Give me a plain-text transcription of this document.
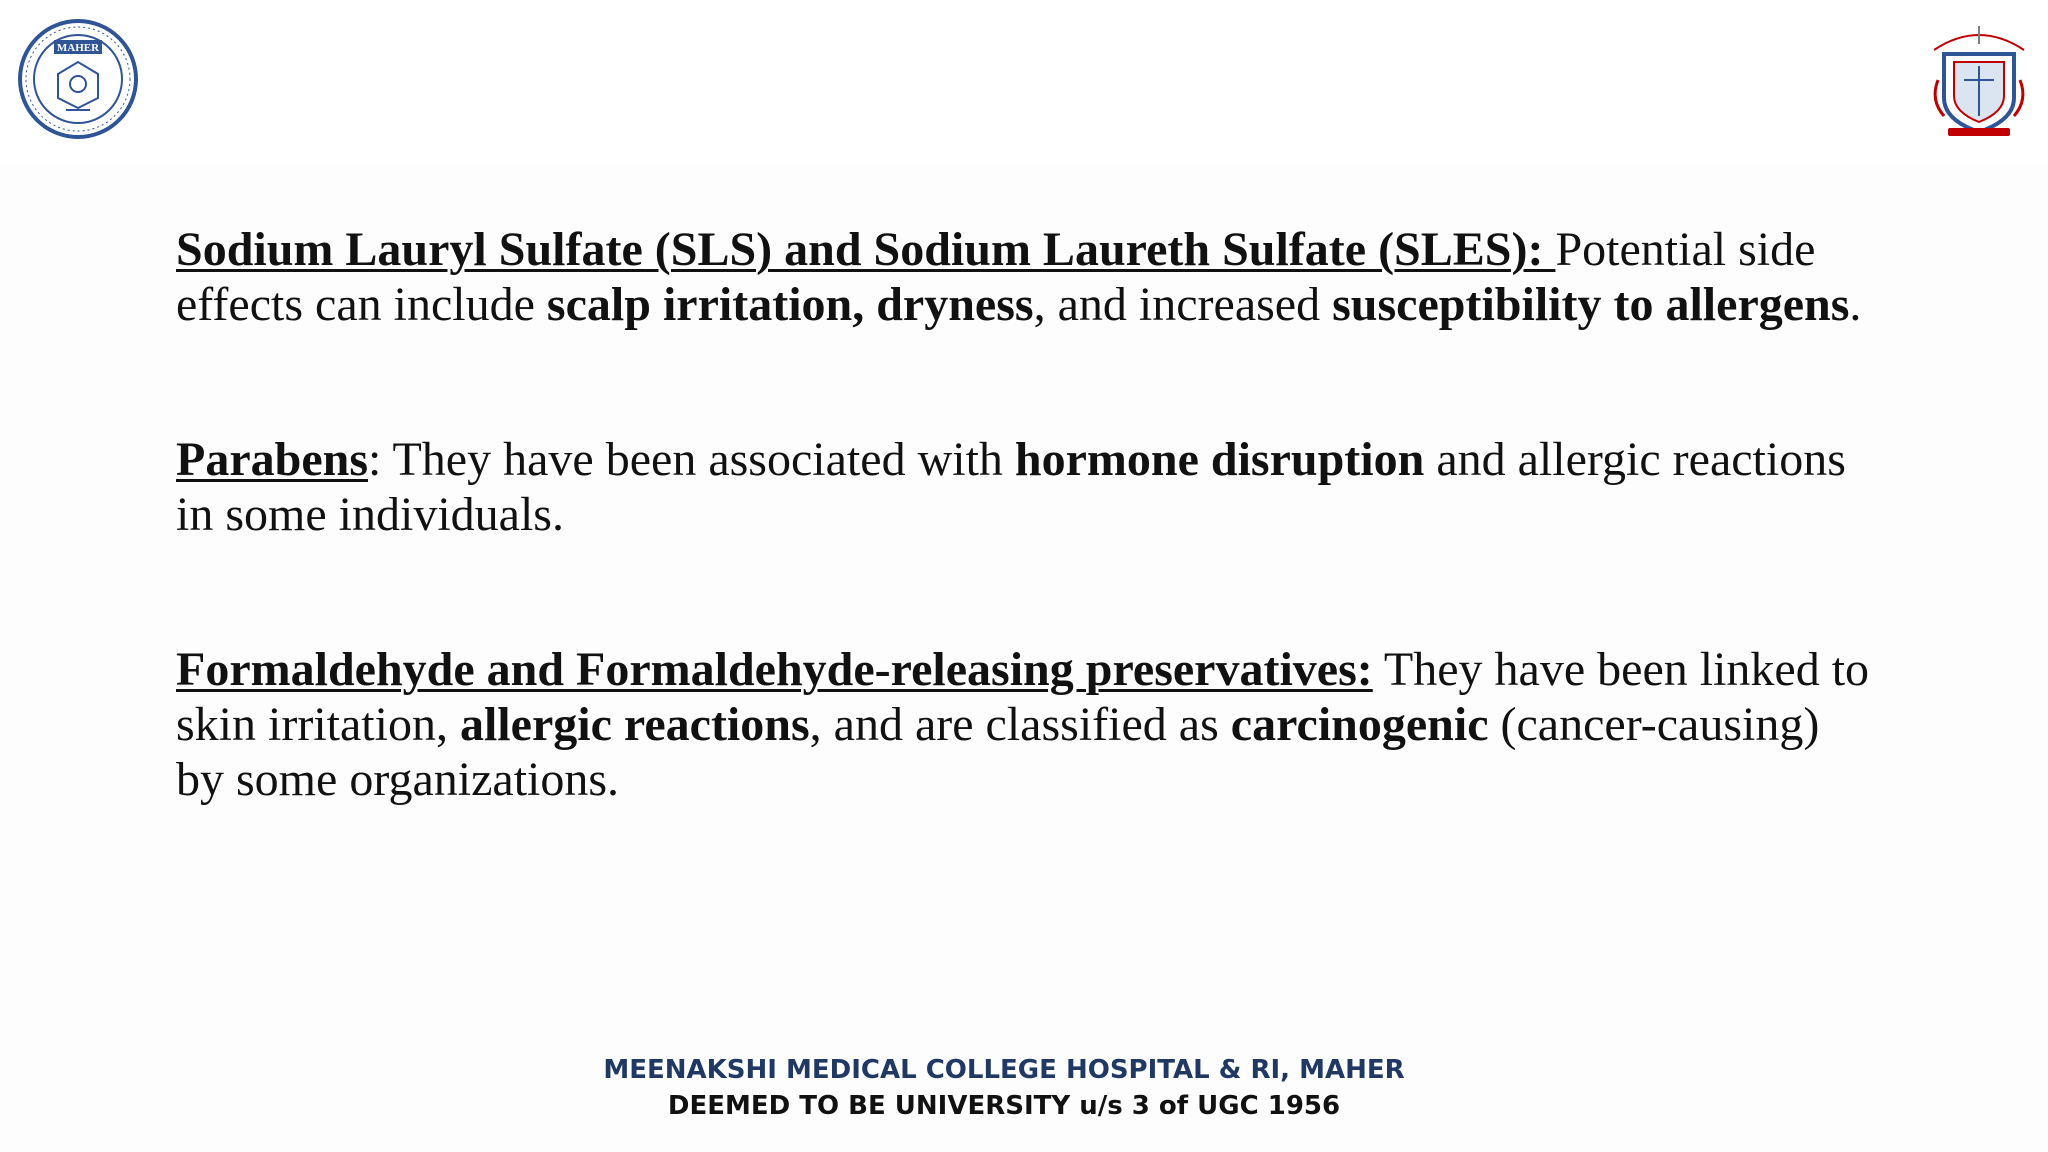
MAHER

Sodium Lauryl Sulfate (SLS) and Sodium Laureth Sulfate (SLES): Potential side effects can include scalp irritation, dryness, and increased susceptibility to allergens.

Parabens: They have been associated with hormone disruption and allergic reactions in some individuals.

Formaldehyde and Formaldehyde-releasing preservatives: They have been linked to skin irritation, allergic reactions, and are classified as carcinogenic (cancer-causing) by some organizations.

MEENAKSHI MEDICAL COLLEGE HOSPITAL & RI, MAHER
DEEMED TO BE UNIVERSITY u/s 3 of UGC 1956
